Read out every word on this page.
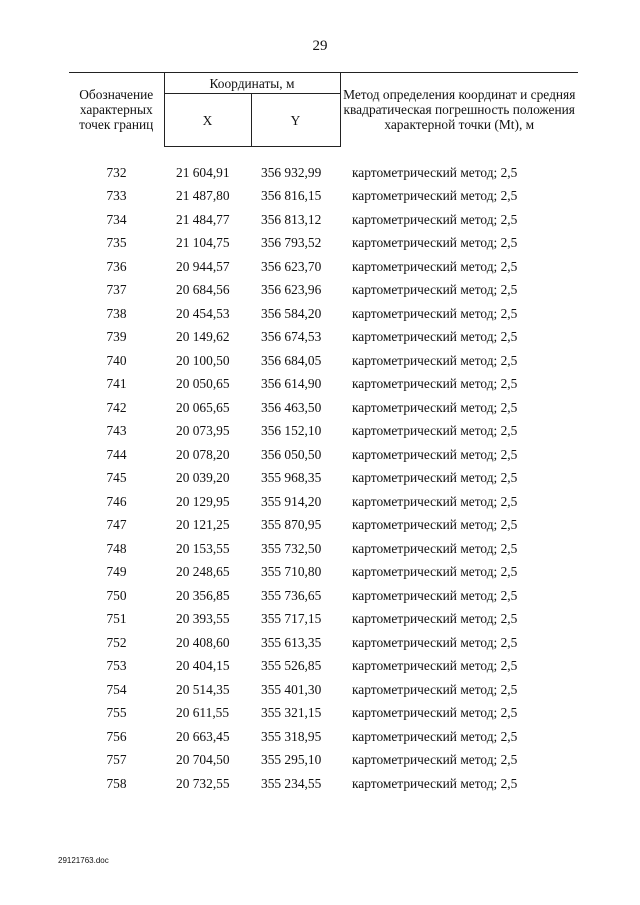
29
Обозначение характерных точек границ	Координаты, м		Метод определения координат и средняя квадратическая погрешность положения характерной точки (Mt), м
	X	Y	
732	21 604,91	356 932,99	картометрический метод; 2,5
733	21 487,80	356 816,15	картометрический метод; 2,5
734	21 484,77	356 813,12	картометрический метод; 2,5
735	21 104,75	356 793,52	картометрический метод; 2,5
736	20 944,57	356 623,70	картометрический метод; 2,5
737	20 684,56	356 623,96	картометрический метод; 2,5
738	20 454,53	356 584,20	картометрический метод; 2,5
739	20 149,62	356 674,53	картометрический метод; 2,5
740	20 100,50	356 684,05	картометрический метод; 2,5
741	20 050,65	356 614,90	картометрический метод; 2,5
742	20 065,65	356 463,50	картометрический метод; 2,5
743	20 073,95	356 152,10	картометрический метод; 2,5
744	20 078,20	356 050,50	картометрический метод; 2,5
745	20 039,20	355 968,35	картометрический метод; 2,5
746	20 129,95	355 914,20	картометрический метод; 2,5
747	20 121,25	355 870,95	картометрический метод; 2,5
748	20 153,55	355 732,50	картометрический метод; 2,5
749	20 248,65	355 710,80	картометрический метод; 2,5
750	20 356,85	355 736,65	картометрический метод; 2,5
751	20 393,55	355 717,15	картометрический метод; 2,5
752	20 408,60	355 613,35	картометрический метод; 2,5
753	20 404,15	355 526,85	картометрический метод; 2,5
754	20 514,35	355 401,30	картометрический метод; 2,5
755	20 611,55	355 321,15	картометрический метод; 2,5
756	20 663,45	355 318,95	картометрический метод; 2,5
757	20 704,50	355 295,10	картометрический метод; 2,5
758	20 732,55	355 234,55	картометрический метод; 2,5
29121763.doc
